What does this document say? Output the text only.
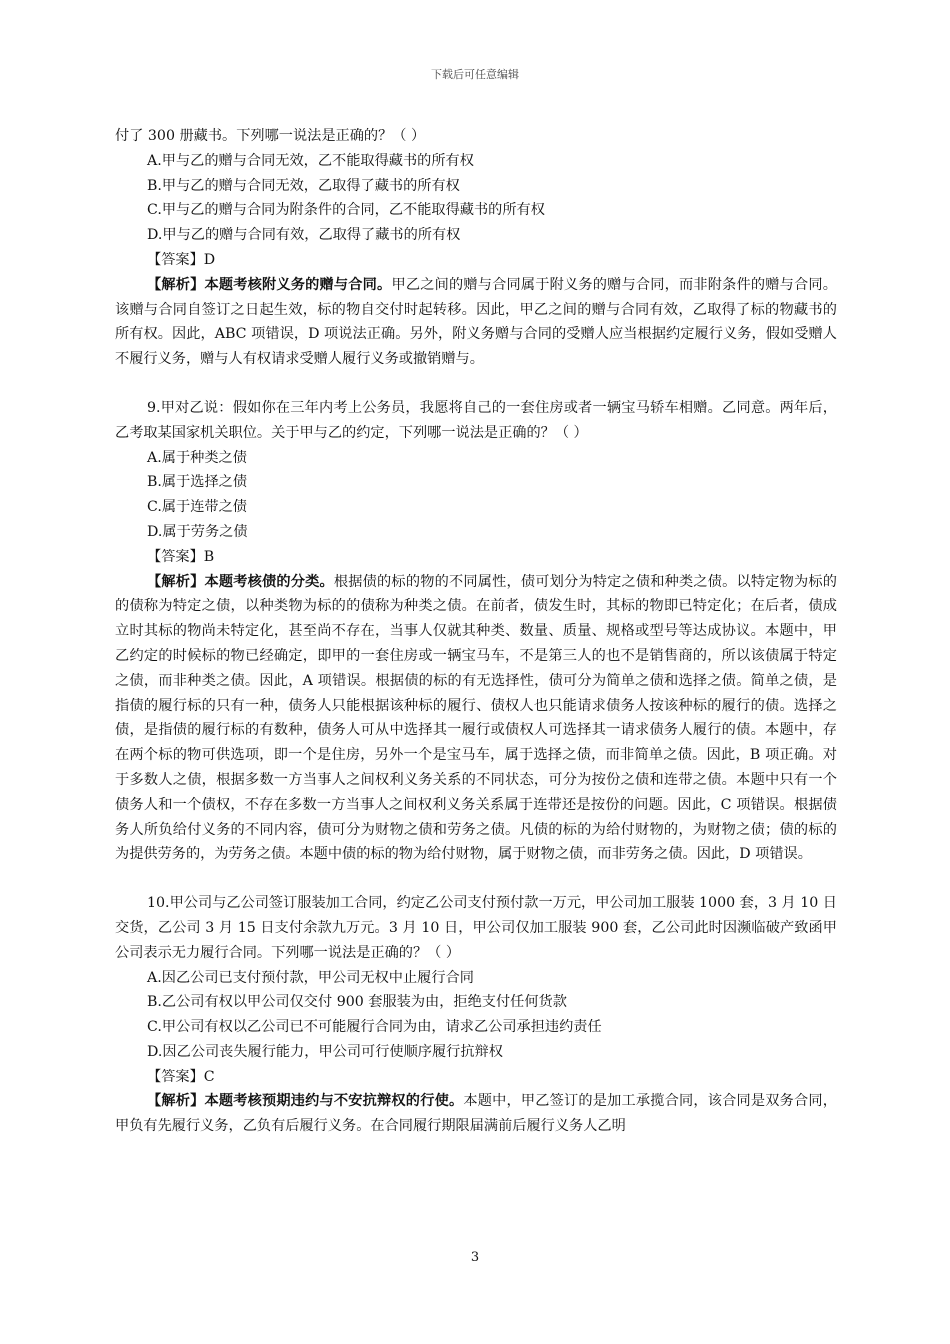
下载后可任意编辑

付了 300 册藏书。下列哪一说法是正确的？（ ）

A.甲与乙的赠与合同无效，乙不能取得藏书的所有权

B.甲与乙的赠与合同无效，乙取得了藏书的所有权

C.甲与乙的赠与合同为附条件的合同，乙不能取得藏书的所有权

D.甲与乙的赠与合同有效，乙取得了藏书的所有权

【答案】D

【解析】本题考核附义务的赠与合同。甲乙之间的赠与合同属于附义务的赠与合同，而非附条件的赠与合同。该赠与合同自签订之日起生效，标的物自交付时起转移。因此，甲乙之间的赠与合同有效，乙取得了标的物藏书的所有权。因此，ABC 项错误，D 项说法正确。另外，附义务赠与合同的受赠人应当根据约定履行义务，假如受赠人不履行义务，赠与人有权请求受赠人履行义务或撤销赠与。

9.甲对乙说：假如你在三年内考上公务员，我愿将自己的一套住房或者一辆宝马轿车相赠。乙同意。两年后，乙考取某国家机关职位。关于甲与乙的约定，下列哪一说法是正确的？（ ）

A.属于种类之债

B.属于选择之债

C.属于连带之债

D.属于劳务之债

【答案】B

【解析】本题考核债的分类。根据债的标的物的不同属性，债可划分为特定之债和种类之债。以特定物为标的的债称为特定之债，以种类物为标的的债称为种类之债。在前者，债发生时，其标的物即已特定化；在后者，债成立时其标的物尚未特定化，甚至尚不存在，当事人仅就其种类、数量、质量、规格或型号等达成协议。本题中，甲乙约定的时候标的物已经确定，即甲的一套住房或一辆宝马车，不是第三人的也不是销售商的，所以该债属于特定之债，而非种类之债。因此，A 项错误。根据债的标的有无选择性，债可分为简单之债和选择之债。简单之债，是指债的履行标的只有一种，债务人只能根据该种标的履行、债权人也只能请求债务人按该种标的履行的债。选择之债，是指债的履行标的有数种，债务人可从中选择其一履行或债权人可选择其一请求债务人履行的债。本题中，存在两个标的物可供选项，即一个是住房，另外一个是宝马车，属于选择之债，而非简单之债。因此，B 项正确。对于多数人之债，根据多数一方当事人之间权利义务关系的不同状态，可分为按份之债和连带之债。本题中只有一个债务人和一个债权，不存在多数一方当事人之间权利义务关系属于连带还是按份的问题。因此，C 项错误。根据债务人所负给付义务的不同内容，债可分为财物之债和劳务之债。凡债的标的为给付财物的，为财物之债；债的标的为提供劳务的，为劳务之债。本题中债的标的物为给付财物，属于财物之债，而非劳务之债。因此，D 项错误。

10.甲公司与乙公司签订服装加工合同，约定乙公司支付预付款一万元，甲公司加工服装 1000 套，3 月 10 日交货，乙公司 3 月 15 日支付余款九万元。3 月 10 日，甲公司仅加工服装 900 套，乙公司此时因濒临破产致函甲公司表示无力履行合同。下列哪一说法是正确的？（ ）

A.因乙公司已支付预付款，甲公司无权中止履行合同

B.乙公司有权以甲公司仅交付 900 套服装为由，拒绝支付任何货款

C.甲公司有权以乙公司已不可能履行合同为由，请求乙公司承担违约责任

D.因乙公司丧失履行能力，甲公司可行使顺序履行抗辩权

【答案】C

【解析】本题考核预期违约与不安抗辩权的行使。本题中，甲乙签订的是加工承揽合同，该合同是双务合同，甲负有先履行义务，乙负有后履行义务。在合同履行期限届满前后履行义务人乙明

3
